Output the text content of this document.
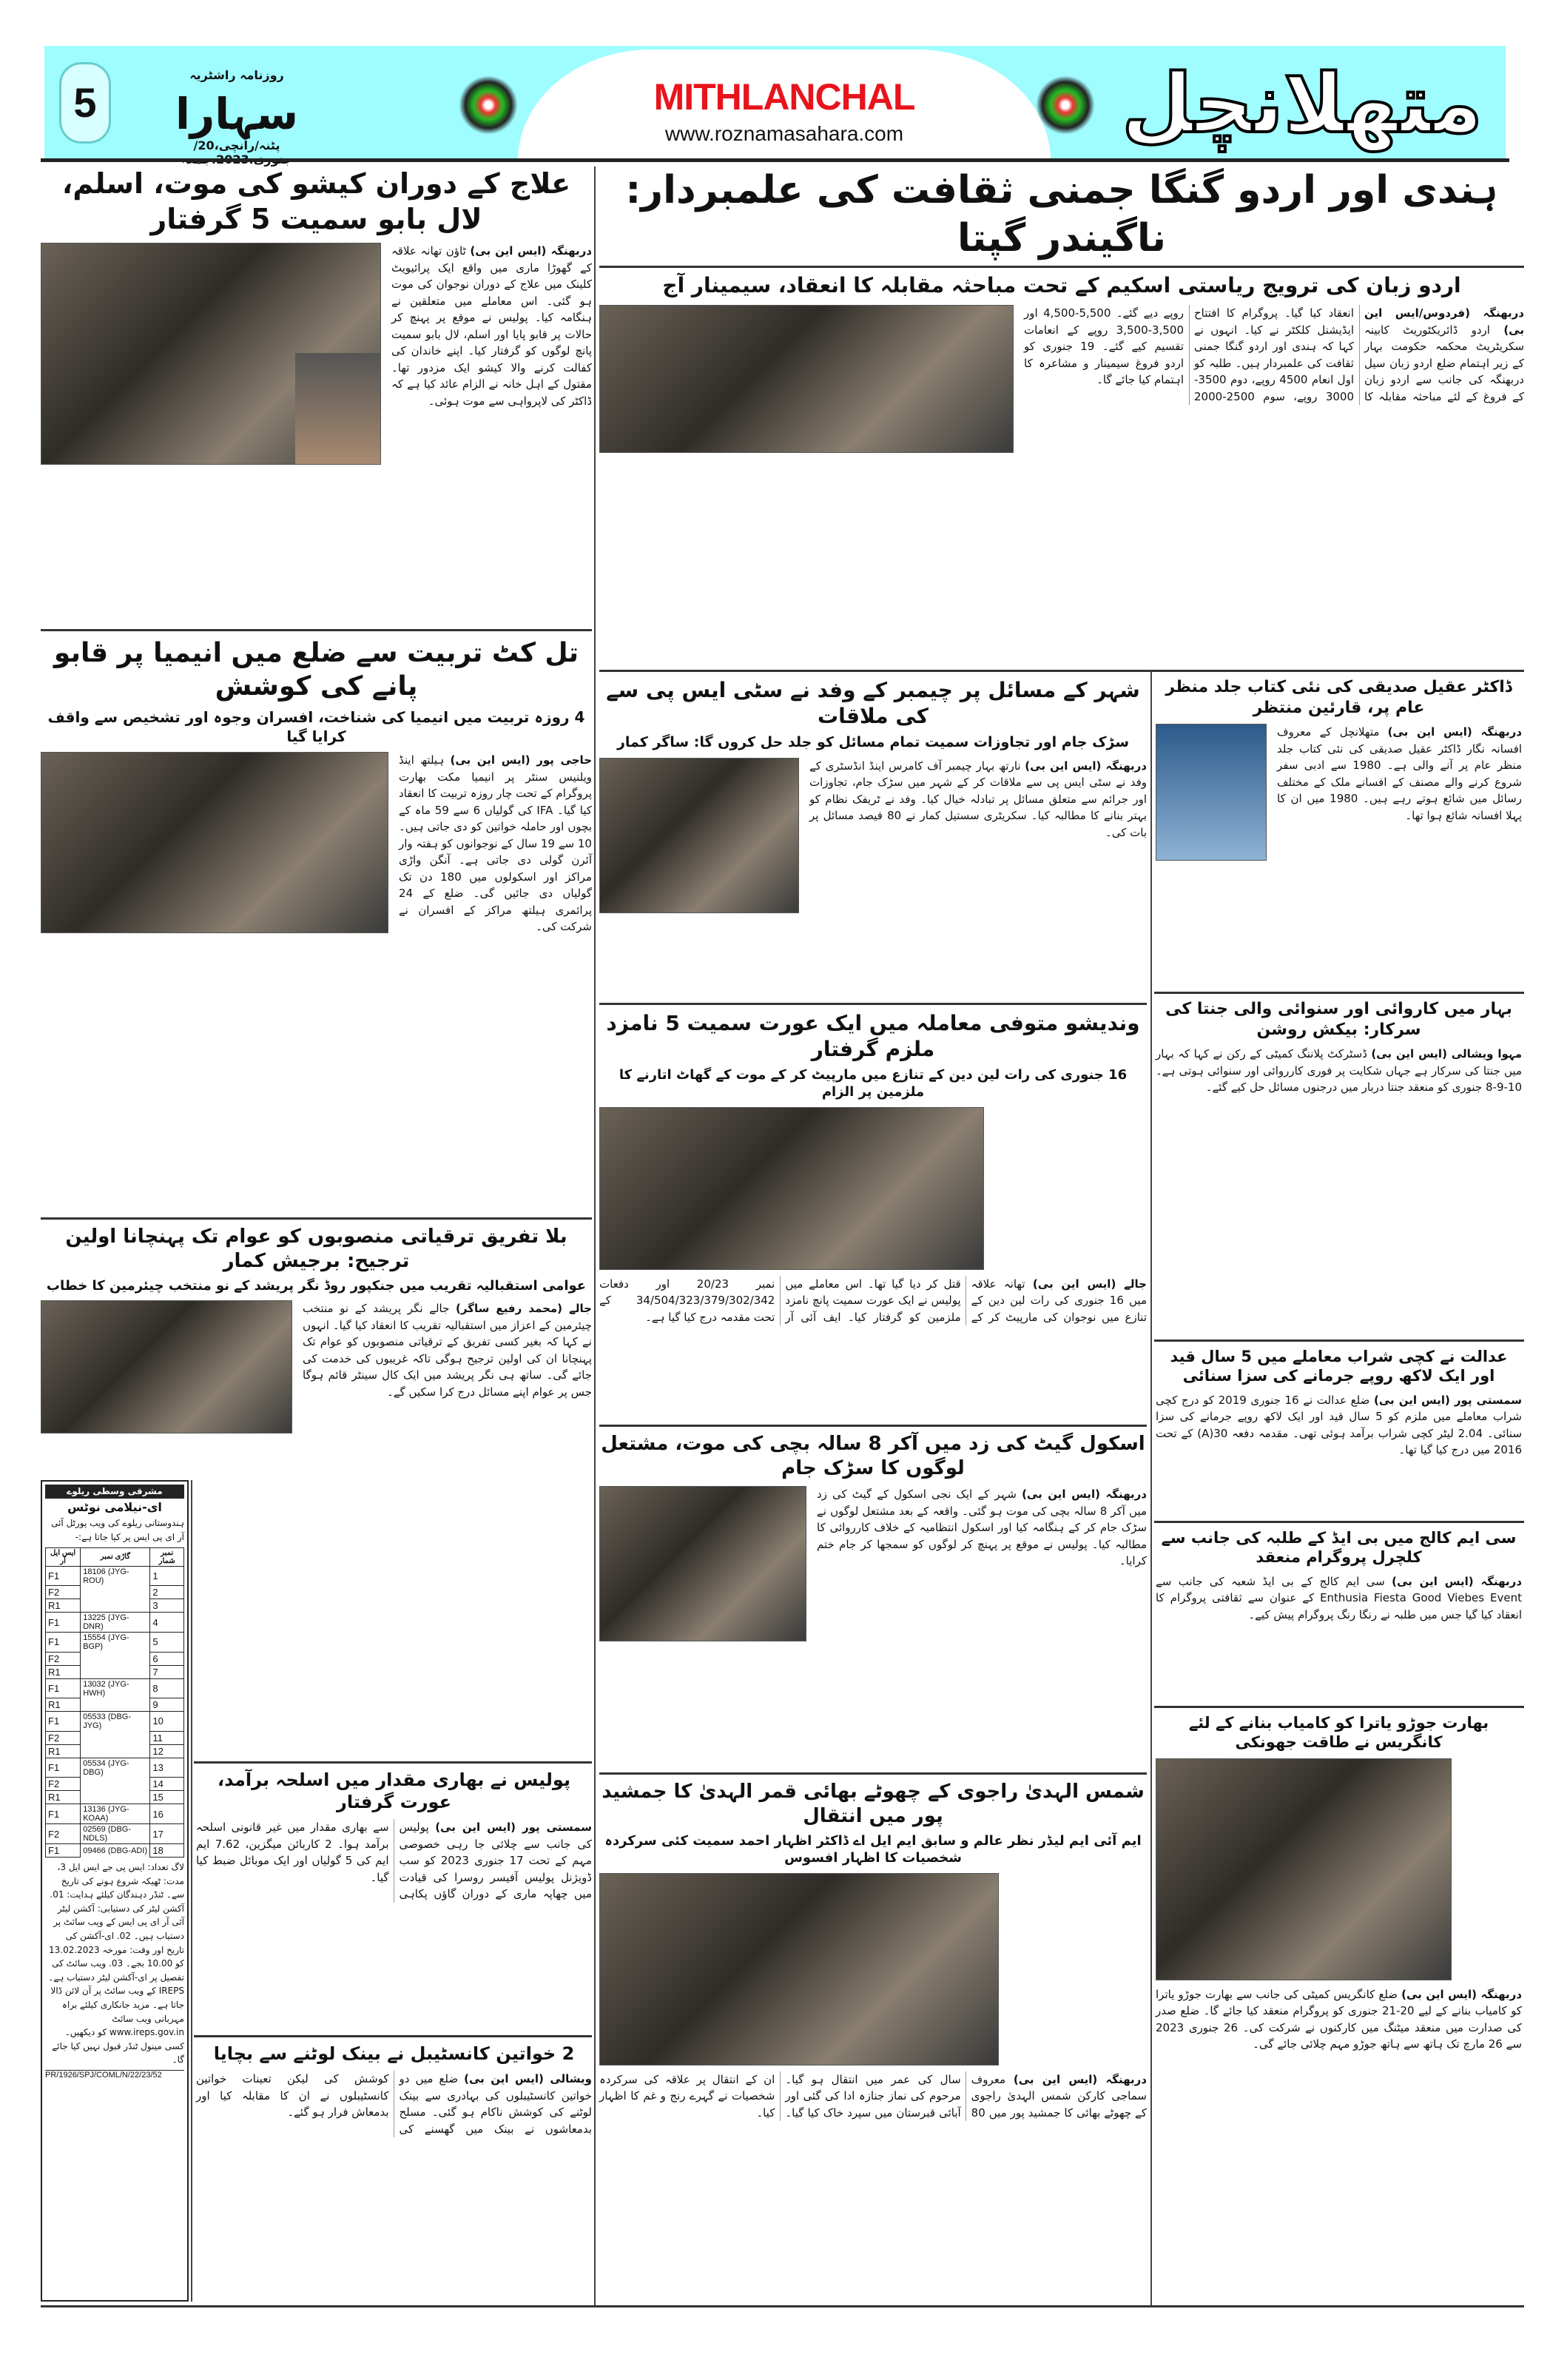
5
روزنامہ راشٹریہ
سہارا
پٹنہ/رانچی،20/
MITHLANCHAL
www.roznamasahara.com	متھلانچل
ہندی اور اردو گنگا جمنی ثقافت کی علمبردار: ناگیندر گپتا
اردو زبان کی ترویج ریاستی اسکیم کے تحت مباحثہ مقابلہ کا انعقاد، سیمینار آج
دربھنگہ (فردوس/ایس این بی) اردو ڈائریکٹوریٹ کابینہ سکریٹریٹ محکمہ حکومت بہار کے زیر اہتمام ضلع اردو زبان سیل دربھنگہ کی جانب سے اردو زبان کے فروغ کے لئے مباحثہ مقابلہ کا انعقاد کیا گیا۔ پروگرام کا افتتاح ایڈیشنل کلکٹر نے کیا۔ انہوں نے کہا کہ ہندی اور اردو گنگا جمنی ثقافت کی علمبردار ہیں۔ طلبہ کو اول انعام 4500 روپے، دوم 3500-3000 روپے، سوم 2500-2000 روپے دیے گئے۔ 5,500-4,500 اور 3,500-3,500 روپے کے انعامات تقسیم کیے گئے۔ 19 جنوری کو اردو فروغ سیمینار و مشاعرہ کا اہتمام کیا جائے گا۔
علاج کے دوران کیشو کی موت، اسلم، لال بابو سمیت 5 گرفتار
دربھنگہ (ایس این بی) ٹاؤن تھانہ علاقہ کے گھوڑا ماری میں واقع ایک پرائیویٹ کلینک میں علاج کے دوران نوجوان کی موت ہو گئی۔ اس معاملے میں متعلقین نے ہنگامہ کیا۔ پولیس نے موقع پر پہنچ کر حالات پر قابو پایا اور اسلم، لال بابو سمیت پانچ لوگوں کو گرفتار کیا۔ اپنے خاندان کی کفالت کرنے والا کیشو ایک مزدور تھا۔ مقتول کے اہل خانہ نے الزام عائد کیا ہے کہ ڈاکٹر کی لاپرواہی سے موت ہوئی۔
تل کٹ تربیت سے ضلع میں انیمیا پر قابو پانے کی کوشش
4 روزہ تربیت میں انیمیا کی شناخت، افسران وجوہ اور تشخیص سے واقف کرایا گیا
حاجی پور (ایس این بی) ہیلتھ اینڈ ویلنیس سنٹر پر انیمیا مکت بھارت پروگرام کے تحت چار روزہ تربیت کا انعقاد کیا گیا۔ IFA کی گولیاں 6 سے 59 ماہ کے بچوں اور حاملہ خواتین کو دی جاتی ہیں۔ 10 سے 19 سال کے نوجوانوں کو ہفتہ وار آئرن گولی دی جاتی ہے۔ آنگن واڑی مراکز اور اسکولوں میں 180 دن تک گولیاں دی جائیں گی۔ ضلع کے 24 پرائمری ہیلتھ مراکز کے افسران نے شرکت کی۔
بلا تفریق ترقیاتی منصوبوں کو عوام تک پہنچانا اولین ترجیح: برجیش کمار
عوامی استقبالیہ تقریب میں جنکپور روڈ نگر پریشد کے نو منتخب چیئرمین کا خطاب
جالے (محمد رفیع ساگر) جالے نگر پریشد کے نو منتخب چیئرمین کے اعزاز میں استقبالیہ تقریب کا انعقاد کیا گیا۔ انہوں نے کہا کہ بغیر کسی تفریق کے ترقیاتی منصوبوں کو عوام تک پہنچانا ان کی اولین ترجیح ہوگی تاکہ غریبوں کی خدمت کی جائے گی۔ ساتھ ہی نگر پریشد میں ایک کال سینٹر قائم ہوگا جس پر عوام اپنے مسائل درج کرا سکیں گے۔
مشرقی وسطی ریلوے
ای-نیلامی نوٹس
ہندوستانی ریلوے کی ویب پورٹل آئی آر ای پی ایس پر کیا جاتا ہے:-
ایس ایل آر	گاڑی نمبر	نمبر شمار
F1	18106 (JYG-ROU)	1
F2		2
R1		3
F1	13225 (JYG-DNR)	4
F1	15554 (JYG-BGP)	5
F2		6
R1		7
F1	13032 (JYG-HWH)	8
R1		9
F1	05533 (DBG-JYG)	10
F2		11
R1		12
F1	05534 (JYG-DBG)	13
F2		14
R1		15
F1	13136 (JYG-KOAA)	16
F2	02569 (DBG-NDLS)	17
F1	09466 (DBG-ADI)	18
لاگ تعداد: ایس پی جے ایس ایل 3، مدت: ٹھیکہ شروع ہونے کی تاریخ سے۔ ٹنڈر دہندگان کیلئے ہدایت: 01. آکشن لیٹر کی دستیابی: آکشن لیٹر آئی آر ای پی ایس کے ویب سائٹ پر دستیاب ہیں۔ 02. ای-آکشن کی تاریخ اور وقت: مورخہ 13.02.2023 کو 10.00 بجے۔ 03. ویب سائٹ کی تفصیل پر ای-آکشن لیٹر دستیاب ہے۔ IREPS کے ویب سائٹ پر آن لائن ڈالا جاتا ہے۔ مزید جانکاری کیلئے براہ مہربانی ویب سائٹ www.ireps.gov.in کو دیکھیں۔ کسی مینول ٹنڈر قبول نہیں کیا جائے گا۔
PR/1926/SPJ/COML/N/22/23/52
پولیس نے بھاری مقدار میں اسلحہ برآمد، عورت گرفتار
سمستی پور (ایس این بی) پولیس کی جانب سے چلائی جا رہی خصوصی مہم کے تحت 17 جنوری 2023 کو سب ڈویژنل پولیس آفیسر روسرا کی قیادت میں چھاپہ ماری کے دوران گاؤں پکاہی سے بھاری مقدار میں غیر قانونی اسلحہ برآمد ہوا۔ 2 کاربائن میگزین، 7.62 ایم ایم کی 5 گولیاں اور ایک موبائل ضبط کیا گیا۔
2 خواتین کانسٹیبل نے بینک لوٹنے سے بچایا
ویشالی (ایس این بی) ضلع میں دو خواتین کانسٹیبلوں کی بہادری سے بینک لوٹنے کی کوشش ناکام ہو گئی۔ مسلح بدمعاشوں نے بینک میں گھسنے کی کوشش کی لیکن تعینات خواتین کانسٹیبلوں نے ان کا مقابلہ کیا اور بدمعاش فرار ہو گئے۔
شہر کے مسائل پر چیمبر کے وفد نے سٹی ایس پی سے کی ملاقات
سڑک جام اور تجاوزات سمیت تمام مسائل کو جلد حل کروں گا: ساگر کمار
دربھنگہ (ایس این بی) نارتھ بہار چیمبر آف کامرس اینڈ انڈسٹری کے وفد نے سٹی ایس پی سے ملاقات کر کے شہر میں سڑک جام، تجاوزات اور جرائم سے متعلق مسائل پر تبادلہ خیال کیا۔ وفد نے ٹریفک نظام کو بہتر بنانے کا مطالبہ کیا۔ سکریٹری سستیل کمار نے 80 فیصد مسائل پر بات کی۔
وندیشو متوفی معاملہ میں ایک عورت سمیت 5 نامزد ملزم گرفتار
16 جنوری کی رات لین دین کے تنازع میں مارپیٹ کر کے موت کے گھاٹ اتارنے کا ملزمین پر الزام
جالے (ایس این بی) تھانہ علاقہ میں 16 جنوری کی رات لین دین کے تنازع میں نوجوان کی مارپیٹ کر کے قتل کر دیا گیا تھا۔ اس معاملے میں پولیس نے ایک عورت سمیت پانچ نامزد ملزمین کو گرفتار کیا۔ ایف آئی آر نمبر 20/23 اور دفعات 34/504/323/379/302/342 کے تحت مقدمہ درج کیا گیا ہے۔
اسکول گیٹ کی زد میں آکر 8 سالہ بچی کی موت، مشتعل لوگوں کا سڑک جام
دربھنگہ (ایس این بی) شہر کے ایک نجی اسکول کے گیٹ کی زد میں آکر 8 سالہ بچی کی موت ہو گئی۔ واقعہ کے بعد مشتعل لوگوں نے سڑک جام کر کے ہنگامہ کیا اور اسکول انتظامیہ کے خلاف کارروائی کا مطالبہ کیا۔ پولیس نے موقع پر پہنچ کر لوگوں کو سمجھا کر جام ختم کرایا۔
شمس الہدیٰ راجوی کے چھوٹے بھائی قمر الہدیٰ کا جمشید پور میں انتقال
ایم آئی ایم لیڈر نظر عالم و سابق ایم ایل اے ڈاکٹر اظہار احمد سمیت کئی سرکردہ شخصیات کا اظہار افسوس
دربھنگہ (ایس این بی) معروف سماجی کارکن شمس الہدیٰ راجوی کے چھوٹے بھائی کا جمشید پور میں 80 سال کی عمر میں انتقال ہو گیا۔ مرحوم کی نماز جنازہ ادا کی گئی اور آبائی قبرستان میں سپرد خاک کیا گیا۔ ان کے انتقال پر علاقہ کی سرکردہ شخصیات نے گہرے رنج و غم کا اظہار کیا۔
ڈاکٹر عقیل صدیقی کی نئی کتاب جلد منظر عام پر، قارئین منتظر
دربھنگہ (ایس این بی) متھلانچل کے معروف افسانہ نگار ڈاکٹر عقیل صدیقی کی نئی کتاب جلد منظر عام پر آنے والی ہے۔ 1980 سے ادبی سفر شروع کرنے والے مصنف کے افسانے ملک کے مختلف رسائل میں شائع ہوتے رہے ہیں۔ 1980 میں ان کا پہلا افسانہ شائع ہوا تھا۔
بہار میں کاروائی اور سنوائی والی جنتا کی سرکار: بیکش روشن
مہوا ویشالی (ایس این بی) ڈسٹرکٹ پلاننگ کمیٹی کے رکن نے کہا کہ بہار میں جنتا کی سرکار ہے جہاں شکایت پر فوری کارروائی اور سنوائی ہوتی ہے۔ 10-9-8 جنوری کو منعقد جنتا دربار میں درجنوں مسائل حل کیے گئے۔
عدالت نے کچی شراب معاملے میں 5 سال قید اور ایک لاکھ روپے جرمانے کی سزا سنائی
سمستی پور (ایس این بی) ضلع عدالت نے 16 جنوری 2019 کو درج کچی شراب معاملے میں ملزم کو 5 سال قید اور ایک لاکھ روپے جرمانے کی سزا سنائی۔ 2.04 لیٹر کچی شراب برآمد ہوئی تھی۔ مقدمہ دفعہ 30(A) کے تحت 2016 میں درج کیا گیا تھا۔
سی ایم کالج میں بی ایڈ کے طلبہ کی جانب سے کلچرل پروگرام منعقد
دربھنگہ (ایس این بی) سی ایم کالج کے بی ایڈ شعبہ کی جانب سے Enthusia Fiesta Good Viebes Event کے عنوان سے ثقافتی پروگرام کا انعقاد کیا گیا جس میں طلبہ نے رنگا رنگ پروگرام پیش کیے۔
بھارت جوڑو یاترا کو کامیاب بنانے کے لئے کانگریس نے طاقت جھونکی
دربھنگہ (ایس این بی) ضلع کانگریس کمیٹی کی جانب سے بھارت جوڑو یاترا کو کامیاب بنانے کے لیے 20-21 جنوری کو پروگرام منعقد کیا جائے گا۔ ضلع صدر کی صدارت میں منعقد میٹنگ میں کارکنوں نے شرکت کی۔ 26 جنوری 2023 سے 26 مارچ تک ہاتھ سے ہاتھ جوڑو مہم چلائی جائے گی۔
